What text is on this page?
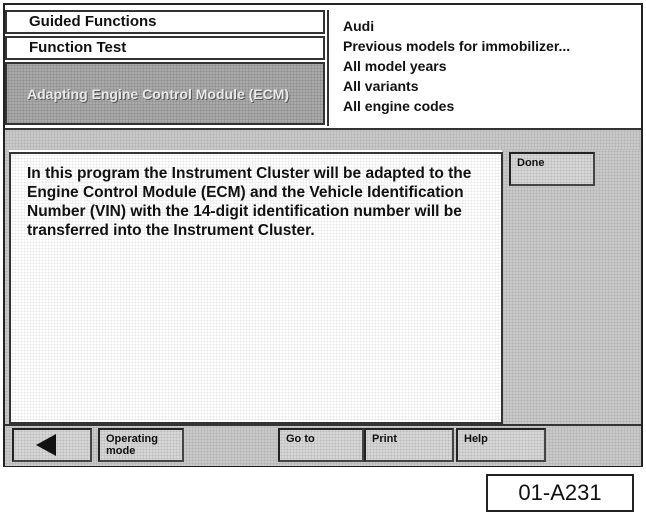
Guided Functions
Function Test
Adapting Engine Control Module (ECM)
Audi
Previous models for immobilizer...
All model years
All variants
All engine codes
In this program the Instrument Cluster will be adapted to the Engine Control Module (ECM) and the Vehicle Identification Number (VIN) with the 14-digit identification number will be transferred into the Instrument Cluster.
Done
Operating mode
Go to	Print	Help
01-A231
